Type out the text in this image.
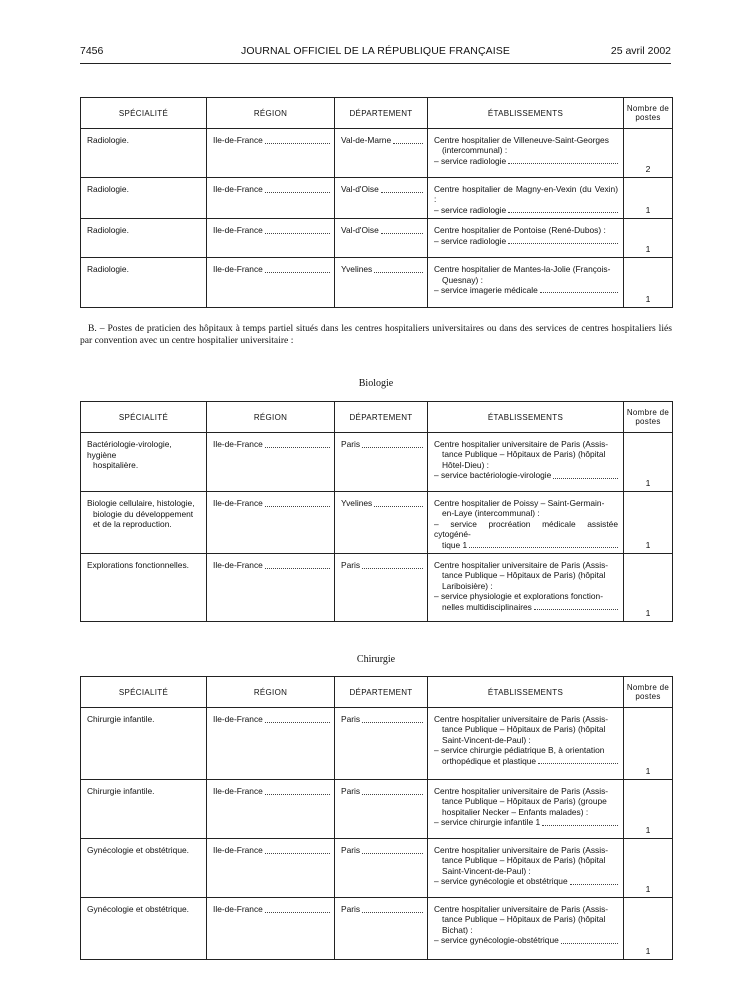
7456	JOURNAL OFFICIEL DE LA RÉPUBLIQUE FRANÇAISE	25 avril 2002
SPÉCIALITÉ	RÉGION	DÉPARTEMENT	ÉTABLISSEMENTS	Nombre de
postes

Radiologie.	Ile-de-France	Val-de-Marne	Centre hospitalier de Villeneuve-Saint-Georges
(intercommunal) :
– service radiologie	2

Radiologie.	Ile-de-France	Val-d'Oise	Centre hospitalier de Magny-en-Vexin (du Vexin) :
– service radiologie	1

Radiologie.	Ile-de-France	Val-d'Oise	Centre hospitalier de Pontoise (René-Dubos) :
– service radiologie	1

Radiologie.	Ile-de-France	Yvelines	Centre hospitalier de Mantes-la-Jolie (François-
Quesnay) :
– service imagerie médicale	1
B. – Postes de praticien des hôpitaux à temps partiel situés dans les centres hospitaliers universitaires ou dans des services de centres hospitaliers liés par convention avec un centre hospitalier universitaire :
Biologie
SPÉCIALITÉ	RÉGION	DÉPARTEMENT	ÉTABLISSEMENTS	Nombre de
postes

Bactériologie-virologie, hygiène
hospitalière.	Ile-de-France	Paris	Centre hospitalier universitaire de Paris (Assis-
tance Publique – Hôpitaux de Paris) (hôpital
Hôtel-Dieu) :
– service bactériologie-virologie	1

Biologie cellulaire, histologie,
biologie du développement
et de la reproduction.	Ile-de-France	Yvelines	Centre hospitalier de Poissy – Saint-Germain-
en-Laye (intercommunal) :
– service procréation médicale assistée cytogéné-
tique 1	1

Explorations fonctionnelles.	Ile-de-France	Paris	Centre hospitalier universitaire de Paris (Assis-
tance Publique – Hôpitaux de Paris) (hôpital
Lariboisière) :
– service physiologie et explorations fonction-
nelles multidisciplinaires	1
Chirurgie
SPÉCIALITÉ	RÉGION	DÉPARTEMENT	ÉTABLISSEMENTS	Nombre de
postes

Chirurgie infantile.	Ile-de-France	Paris	Centre hospitalier universitaire de Paris (Assis-
tance Publique – Hôpitaux de Paris) (hôpital
Saint-Vincent-de-Paul) :
– service chirurgie pédiatrique B, à orientation
orthopédique et plastique	1

Chirurgie infantile.	Ile-de-France	Paris	Centre hospitalier universitaire de Paris (Assis-
tance Publique – Hôpitaux de Paris) (groupe
hospitalier Necker – Enfants malades) :
– service chirurgie infantile 1	1

Gynécologie et obstétrique.	Ile-de-France	Paris	Centre hospitalier universitaire de Paris (Assis-
tance Publique – Hôpitaux de Paris) (hôpital
Saint-Vincent-de-Paul) :
– service gynécologie et obstétrique	1

Gynécologie et obstétrique.	Ile-de-France	Paris	Centre hospitalier universitaire de Paris (Assis-
tance Publique – Hôpitaux de Paris) (hôpital
Bichat) :
– service gynécologie-obstétrique	1
